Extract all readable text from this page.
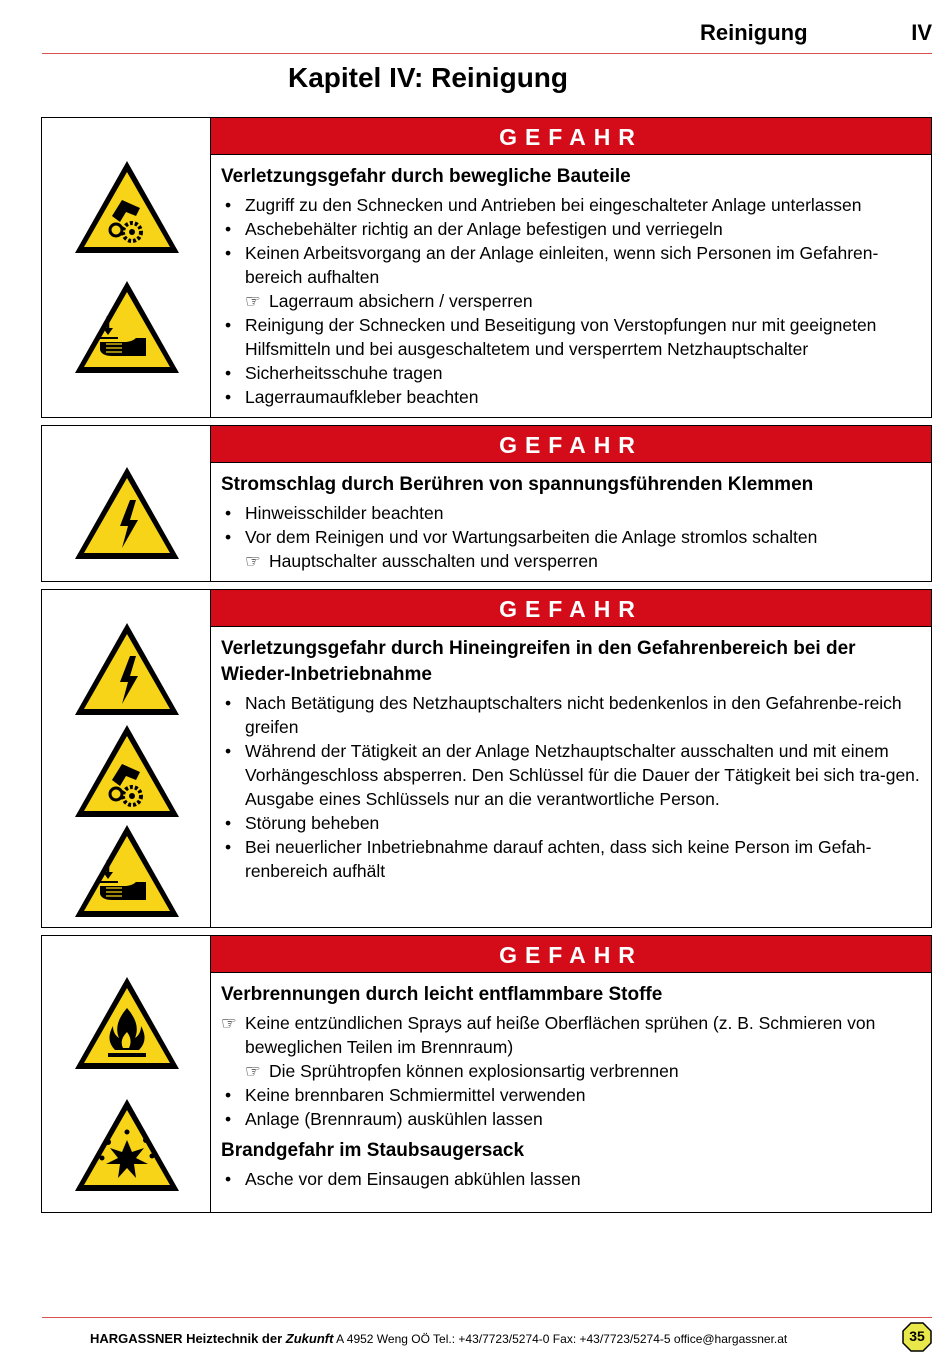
Reinigung	IV
Kapitel IV: Reinigung
GEFAHR
Verletzungsgefahr durch bewegliche Bauteile
• Zugriff zu den Schnecken und Antrieben bei eingeschalteter Anlage unterlassen
• Aschebehälter richtig an der Anlage befestigen und verriegeln
• Keinen Arbeitsvorgang an der Anlage einleiten, wenn sich Personen im Gefahren-bereich aufhalten
☞ Lagerraum absichern / versperren
• Reinigung der Schnecken und Beseitigung von Verstopfungen nur mit geeigneten Hilfsmitteln und bei ausgeschaltetem und versperrtem Netzhauptschalter
• Sicherheitsschuhe tragen
• Lagerraumaufkleber beachten
GEFAHR
Stromschlag durch Berühren von spannungsführenden Klemmen
• Hinweisschilder beachten
• Vor dem Reinigen und vor Wartungsarbeiten die Anlage stromlos schalten
☞ Hauptschalter ausschalten und versperren
GEFAHR
Verletzungsgefahr durch Hineingreifen in den Gefahrenbereich bei der Wieder-Inbetriebnahme
• Nach Betätigung des Netzhauptschalters nicht bedenkenlos in den Gefahrenbe-reich greifen
• Während der Tätigkeit an der Anlage Netzhauptschalter ausschalten und mit einem Vorhängeschloss absperren. Den Schlüssel für die Dauer der Tätigkeit bei sich tra-gen. Ausgabe eines Schlüssels nur an die verantwortliche Person.
• Störung beheben
• Bei neuerlicher Inbetriebnahme darauf achten, dass sich keine Person im Gefah-renbereich aufhält
GEFAHR
Verbrennungen durch leicht entflammbare Stoffe
☞ Keine entzündlichen Sprays auf heiße Oberflächen sprühen (z. B. Schmieren von beweglichen Teilen im Brennraum)
☞ Die Sprühtropfen können explosionsartig verbrennen
• Keine brennbaren Schmiermittel verwenden
• Anlage (Brennraum) auskühlen lassen
Brandgefahr im Staubsaugersack
• Asche vor dem Einsaugen abkühlen lassen
HARGASSNER Heiztechnik der Zukunft A 4952 Weng OÖ Tel.: +43/7723/5274-0 Fax: +43/7723/5274-5 office@hargassner.at	35
